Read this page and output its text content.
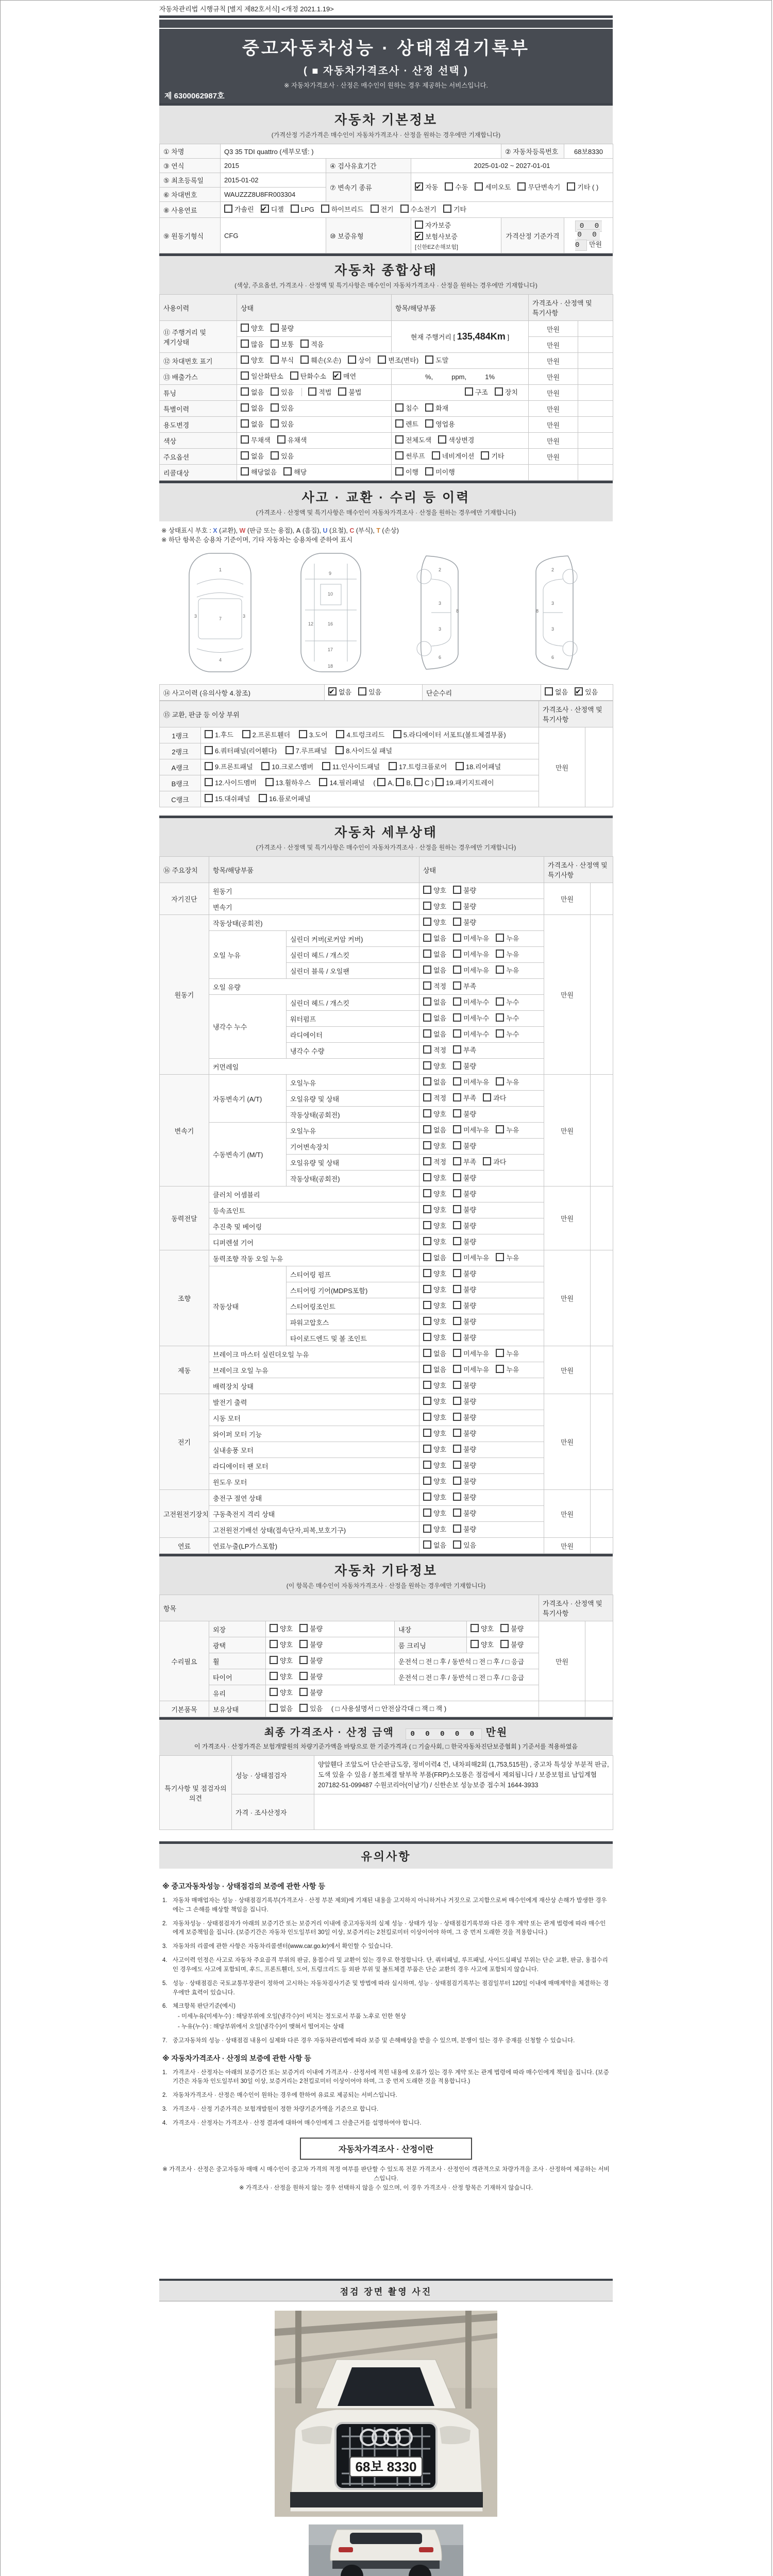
자동차관리법 시행규칙 [별지 제82호서식] <개정 2021.1.19>
중고자동차성능 · 상태점검기록부
( ■ 자동차가격조사 · 산정 선택 )
※ 자동차가격조사 · 산정은 매수인이 원하는 경우 제공하는 서비스입니다.
제 6300062987호
자동차 기본정보
(가격산정 기준가격은 매수인이 자동차가격조사 · 산정을 원하는 경우에만 기재합니다)
① 차명	Q3 35 TDI quattro (세부모델: )			② 자동차등록번호	68보8330
③ 연식	2015	④ 검사유효기간	2025-01-02 ~ 2027-01-01		
⑤ 최초등록일	2015-01-02	⑦ 변속기 종류	✔자동 수동 세미오토 무단변속기 기타 ( )
⑥ 차대번호	WAUZZZ8U8FR003304				
⑧ 사용연료	가솔린 ✔ 디젤 LPG 하이브리드 전기 수소전기 기타
⑨ 원동기형식	CFG	⑩ 보증유형	자가보증✔보험사보증[신한EZ손해보험]	가격산정 기준가격	0 0 0 0 0 만원
자동차 종합상태
(색상, 주요옵션, 가격조사 · 산정액 및 특기사항은 매수인이 자동차가격조사 · 산정을 원하는 경우에만 기재합니다)
사용이력	상태	항목/해당부품	가격조사 · 산정액 및 특기사항	
⑪ 주행거리 및 계기상태	양호 불량	현재 주행거리 [ 135,484Km ]	만원	
	많음 보통 적음		만원	
⑫ 차대번호 표기	양호 부식 훼손(오손) 상이 변조(변타) 도말		만원	
⑬ 배출가스	일산화탄소 탄화수소 ✔ 매연	%,          ppm,          1%	만원	
튜닝	없음 있음 적법 불법	구조 장치	만원	
특별이력	없음 있음	침수 화재	만원	
용도변경	없음 있음	렌트 영업용	만원	
색상	무채색 유채색	전체도색 색상변경	만원	
주요옵션	없음 있음	썬루프 네비게이션 기타	만원	
리콜대상	해당없음 해당	이행 미이행		
사고 · 교환 · 수리 등 이력
(가격조사 · 산정액 및 특기사항은 매수인이 자동차가격조사 · 산정을 원하는 경우에만 기재합니다)
※ 상태표시 부호 : X (교환), W (판금 또는 용접), A (흠집), U (요철), C (부식), T (손상)
※ 하단 항목은 승용차 기준이며, 기타 자동차는 승용차에 준하여 표시
1
7
4
3	3
9
10
16
17
18
12
2
3
3
6
8
2
3
3
6
8
⑭ 사고이력 (유의사항 4.참조)	✔없음	있음	단순수리	없음 ✔	있음
⑮ 교환, 판금 등 이상 부위		가격조사 · 산정액 및 특기사항	
1랭크	1.후드 2.프론트휀더 3.도어 4.트렁크리드 5.라디에이터 서포트(볼트체결부품)	만원	
2랭크	6.쿼터패널(리어휀다) 7.루프패널 8.사이드실 패널		
A랭크	9.프론트패널 10.크로스멤버 11.인사이드패널 17.트렁크플로어 18.리어패널		
B랭크	12.사이드멤버 13.휠하우스 14.필러패널 ( A, B, C ) 19.패키지트레이		
C랭크	15.대쉬패널 16.플로어패널		
자동차 세부상태
(가격조사 · 산정액 및 특기사항은 매수인이 자동차가격조사 · 산정을 원하는 경우에만 기재합니다)
⑯ 주요장치	항목/해당부품		상태	가격조사 · 산정액 및 특기사항	
자기진단	원동기		양호 불량	만원	
	변속기		양호 불량		
원동기	작동상태(공회전)		양호 불량	만원	
	오일 누유	실린더 커버(로커암 커버)	없음 미세누유 누유		
		실린더 헤드 / 개스킷	없음 미세누유 누유		
		실린더 블록 / 오일팬	없음 미세누유 누유		
	오일 유량		적정 부족		
	냉각수 누수	실린더 헤드 / 개스킷	없음 미세누수 누수		
		워터펌프	없음 미세누수 누수		
		라디에이터	없음 미세누수 누수		
		냉각수 수량	적정 부족		
	커먼레일		양호 불량		
변속기	자동변속기 (A/T)	오일누유	없음 미세누유 누유	만원	
		오일유량 및 상태	적정 부족 과다		
		작동상태(공회전)	양호 불량		
	수동변속기 (M/T)	오일누유	없음 미세누유 누유		
		기어변속장치	양호 불량		
		오일유량 및 상태	적정 부족 과다		
		작동상태(공회전)	양호 불량		
동력전달	클러치 어셈블리		양호 불량	만원	
	등속죠인트		양호 불량		
	추진축 및 베어링		양호 불량		
	디퍼렌셜 기어		양호 불량		
조향	동력조향 작동 오일 누유		없음 미세누유 누유	만원	
	작동상태	스티어링 펌프	양호 불량		
		스티어링 기어(MDPS포함)	양호 불량		
		스티어링조인트	양호 불량		
		파워고압호스	양호 불량		
		타이로드엔드 및 볼 조인트	양호 불량		
제동	브레이크 마스터 실린더오일 누유		없음 미세누유 누유	만원	
	브레이크 오일 누유		없음 미세누유 누유		
	배력장치 상태		양호 불량		
전기	발전기 출력		양호 불량	만원	
	시동 모터		양호 불량		
	와이퍼 모터 기능		양호 불량		
	실내송풍 모터		양호 불량		
	라디에이터 팬 모터		양호 불량		
	윈도우 모터		양호 불량		
고전원전기장치	충전구 절연 상태		양호 불량	만원	
	구동축전지 격리 상태		양호 불량		
	고전원전기배선 상태(접속단자,피복,보호기구)		양호 불량		
연료	연료누출(LP가스포함)		없음 있음	만원	
자동차 기타정보
(이 항목은 매수인이 자동차가격조사 · 산정을 원하는 경우에만 기재합니다)
항목					가격조사 · 산정액 및 특기사항	
수리필요	외장	양호 불량	내장	양호 불량	만원	
	광택	양호 불량	룸 크리닝	양호 불량		
	휠	양호 불량	운전석 □ 전 □ 후 / 동반석 □ 전 □ 후 / □ 응급			
	타이어	양호 불량	운전석 □ 전 □ 후 / 동반석 □ 전 □ 후 / □ 응급			
	유리	양호 불량				
기본품목	보유상태	없음 있음 ( □ 사용설명서 □ 안전삼각대 □ 잭 □ 잭 )				
최종 가격조사 · 산정 금액 0 0 0 0 0 만원
이 가격조사 · 산정가격은 보험개발원의 차량기준가액을 바탕으로 한 기준가격과 ( □ 기술사회, □ 한국자동차진단보증협회 ) 기준서를 적용하였음
특기사항 및 점검자의 의견	성능 · 상태점검자	양앞휀다 조앞도어 단순판금도장, 정비이력4 건, 내차피해2회 (1,753,515원) , 중고차 특성상 부분적 판금, 도색 있을 수 있음 / 볼트체결 탈부착 부품(FRP)소모품은 점검에서 제외됩니다 / 보증보험료 납입계협 207182-51-099487 수원코리아(이남기) / 신한손보 성능보증 접수처 1644-3933
	가격 · 조사산정자	
유의사항
※ 중고자동차성능 · 상태점검의 보증에 관한 사항 등
1. 자동차 매매업자는 성능 · 상태점검기록부(가격조사 · 산정 부분 제외)에 기재된 내용을 고지하지 아니하거나 거짓으로 고지함으로써 매수인에게 재산상 손해가 발생한 경우에는 그 손해를 배상할 책임을 집니다.
2. 자동차성능 · 상태점검자가 아래의 보증기간 또는 보증거리 이내에 중고자동차의 실제 성능 · 상태가 성능 · 상태점검기록부와 다른 경우 계약 또는 관계 법령에 따라 매수인에게 보증책임을 집니다. (보증기간은 자동차 인도일부터 30일 이상, 보증거리는 2천킬로미터 이상이어야 하며, 그 중 먼저 도래한 것을 적용합니다.)
3. 자동차의 리콜에 관한 사항은 자동차리콜센터(www.car.go.kr)에서 확인할 수 있습니다.
4. 사고이력 인정은 사고로 자동차 주요골격 부위의 판금, 용접수리 및 교환이 있는 경우로 한정합니다. 단, 쿼터패널, 루프패널, 사이드실패널 부위는 단순 교환, 판금, 용접수리인 경우에도 사고에 포함되며, 후드, 프론트휀더, 도어, 트렁크리드 등 외판 부위 및 볼트체결 부품은 단순 교환의 경우 사고에 포함되지 않습니다.
5. 성능 · 상태점검은 국토교통부장관이 정하여 고시하는 자동차검사기준 및 방법에 따라 실시하며, 성능 · 상태점검기록부는 점검일부터 120일 이내에 매매계약을 체결하는 경우에만 효력이 있습니다.
6. 체크항목 판단기준(예시)
- 미세누유(미세누수) : 해당부위에 오일(냉각수)이 비치는 정도로서 부품 노후로 인한 현상
- 누유(누수) : 해당부위에서 오일(냉각수)이 맺혀서 떨어지는 상태
7. 중고자동차의 성능 · 상태점검 내용이 실제와 다른 경우 자동차관리법에 따라 보증 및 손해배상을 받을 수 있으며, 분쟁이 있는 경우 중재를 신청할 수 있습니다.
※ 자동차가격조사 · 산정의 보증에 관한 사항 등
1. 가격조사 · 산정자는 아래의 보증기간 또는 보증거리 이내에 가격조사 · 산정서에 적힌 내용에 오류가 있는 경우 계약 또는 관계 법령에 따라 매수인에게 책임을 집니다. (보증기간은 자동차 인도일부터 30일 이상, 보증거리는 2천킬로미터 이상이어야 하며, 그 중 먼저 도래한 것을 적용합니다.)
2. 자동차가격조사 · 산정은 매수인이 원하는 경우에 한하여 유료로 제공되는 서비스입니다.
3. 가격조사 · 산정 기준가격은 보험개발원이 정한 차량기준가액을 기준으로 합니다.
4. 가격조사 · 산정자는 가격조사 · 산정 결과에 대하여 매수인에게 그 산출근거를 설명하여야 합니다.
자동차가격조사 · 산정이란
※ 가격조사 · 산정은 중고자동차 매매 시 매수인이 중고차 가격의 적정 여부를 판단할 수 있도록 전문 가격조사 · 산정인이 객관적으로 차량가격을 조사 · 산정하여 제공하는 서비스입니다.
※ 가격조사 · 산정을 원하지 않는 경우 선택하지 않을 수 있으며, 이 경우 가격조사 · 산정 항목은 기재하지 않습니다.
점검 장면 촬영 사진
68보 8330
